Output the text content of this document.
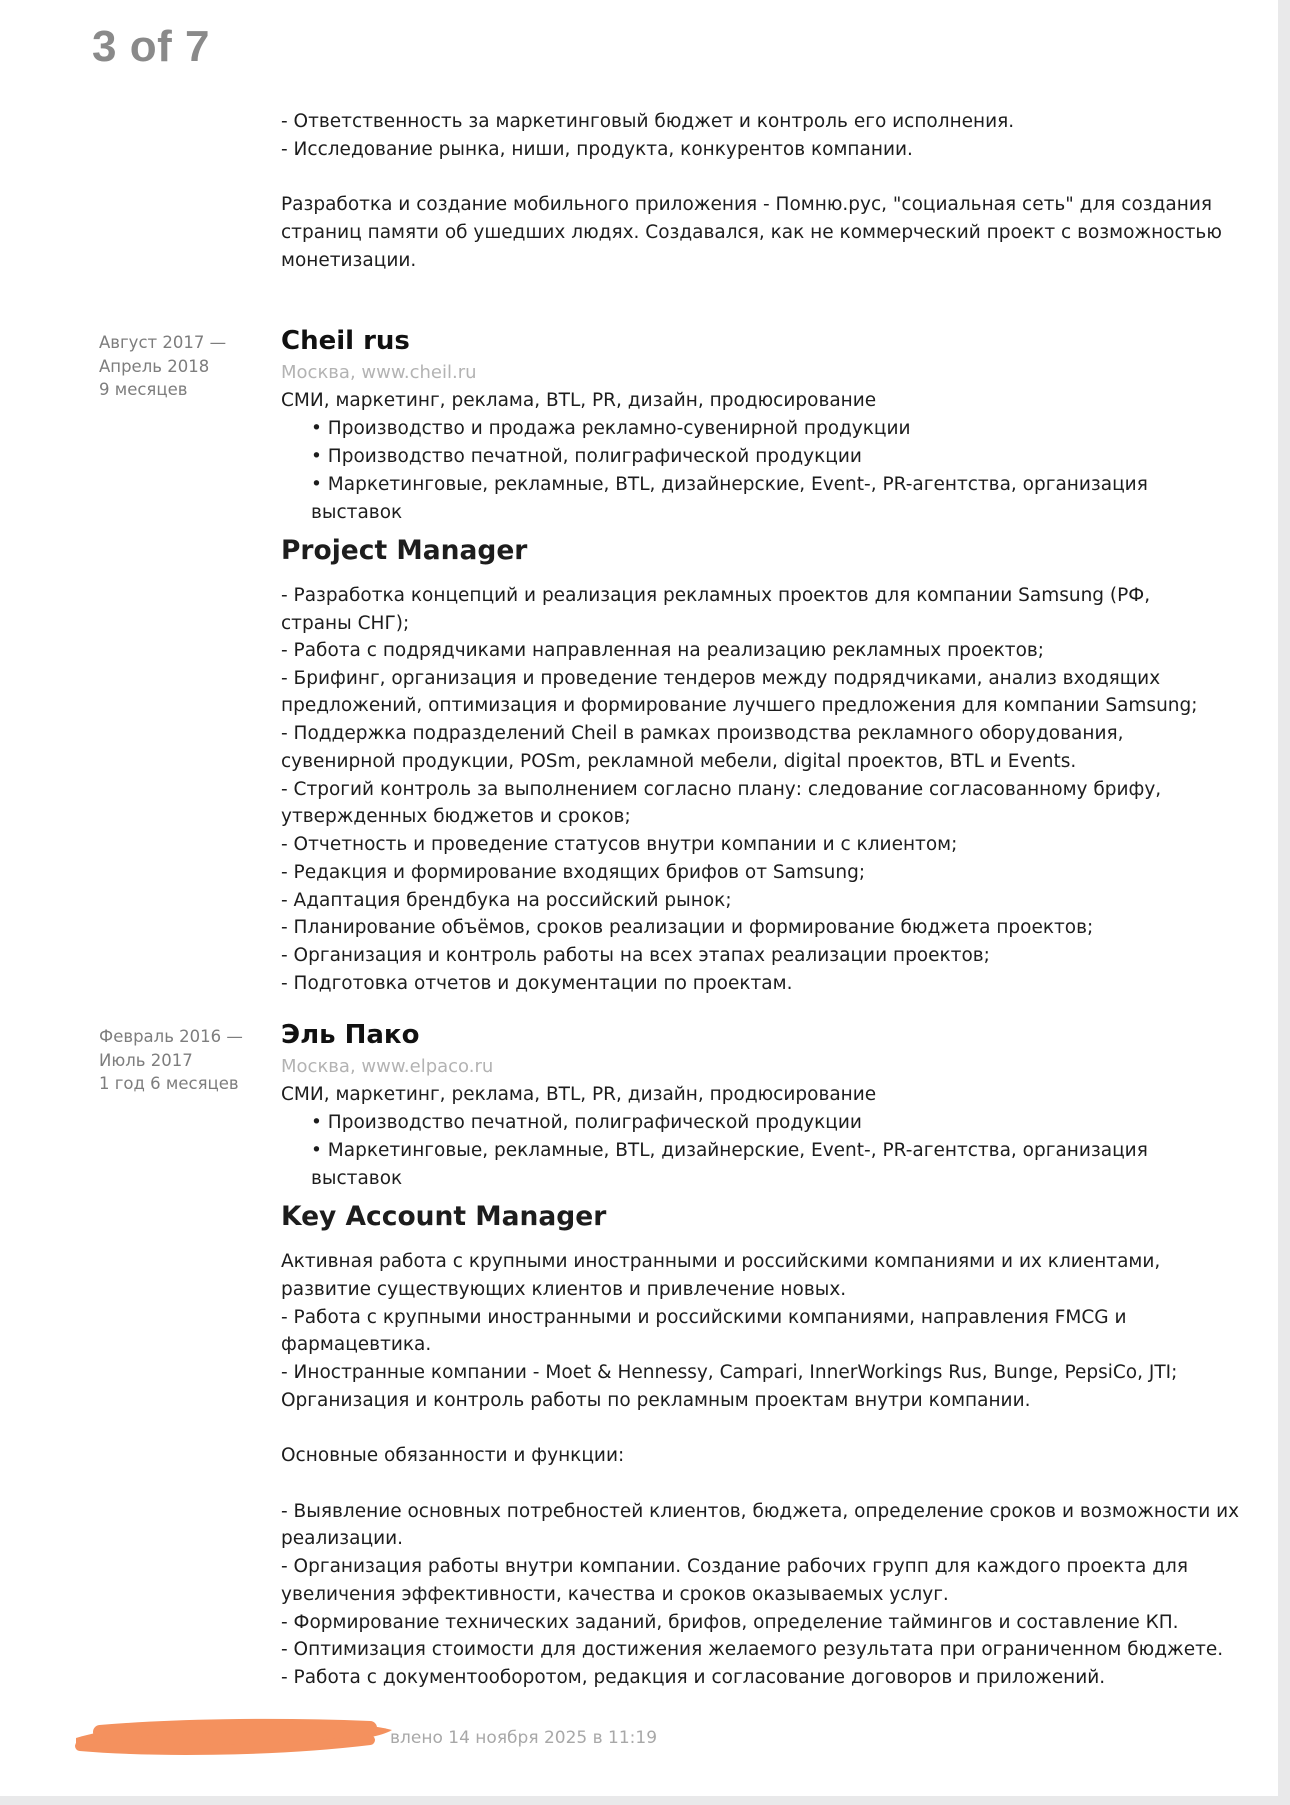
3 of 7
- Ответственность за маркетинговый бюджет и контроль его исполнения.
- Исследование рынка, ниши, продукта, конкурентов компании.
Разработка и создание мобильного приложения - Помню.рус, "социальная сеть" для создания
страниц памяти об ушедших людях. Создавался, как не коммерческий проект с возможностью
монетизации.
Август 2017 —
Апрель 2018
9 месяцев
Cheil rus
Москва, www.cheil.ru
СМИ, маркетинг, реклама, BTL, PR, дизайн, продюсирование
• Производство и продажа рекламно-сувенирной продукции
• Производство печатной, полиграфической продукции
• Маркетинговые, рекламные, BTL, дизайнерские, Event-, PR-агентства, организация
выставок
Project Manager
- Разработка концепций и реализация рекламных проектов для компании Samsung (РФ,
страны СНГ);
- Работа с подрядчиками направленная на реализацию рекламных проектов;
- Брифинг, организация и проведение тендеров между подрядчиками, анализ входящих
предложений, оптимизация и формирование лучшего предложения для компании Samsung;
- Поддержка подразделений Cheil в рамках производства рекламного оборудования,
сувенирной продукции, POSm, рекламной мебели, digital проектов, BTL и Events.
- Строгий контроль за выполнением согласно плану: следование согласованному брифу,
утвержденных бюджетов и сроков;
- Отчетность и проведение статусов внутри компании и с клиентом;
- Редакция и формирование входящих брифов от Samsung;
- Адаптация брендбука на российский рынок;
- Планирование объёмов, сроков реализации и формирование бюджета проектов;
- Организация и контроль работы на всех этапах реализации проектов;
- Подготовка отчетов и документации по проектам.
Февраль 2016 —
Июль 2017
1 год 6 месяцев
Эль Пако
Москва, www.elpaco.ru
СМИ, маркетинг, реклама, BTL, PR, дизайн, продюсирование
• Производство печатной, полиграфической продукции
• Маркетинговые, рекламные, BTL, дизайнерские, Event-, PR-агентства, организация
выставок
Key Account Manager
Активная работа с крупными иностранными и российскими компаниями и их клиентами,
развитие существующих клиентов и привлечение новых.
- Работа с крупными иностранными и российскими компаниями, направления FMCG и
фармацевтика.
- Иностранные компании - Moet & Hennessy, Campari, InnerWorkings Rus, Bunge, PepsiCo, JTI;
Организация и контроль работы по рекламным проектам внутри компании.
Основные обязанности и функции:
- Выявление основных потребностей клиентов, бюджета, определение сроков и возможности их
реализации.
- Организация работы внутри компании. Создание рабочих групп для каждого проекта для
увеличения эффективности, качества и сроков оказываемых услуг.
- Формирование технических заданий, брифов, определение таймингов и составление КП.
- Оптимизация стоимости для достижения желаемого результата при ограниченном бюджете.
- Работа с документооборотом, редакция и согласование договоров и приложений.
влено 14 ноября 2025 в 11:19
